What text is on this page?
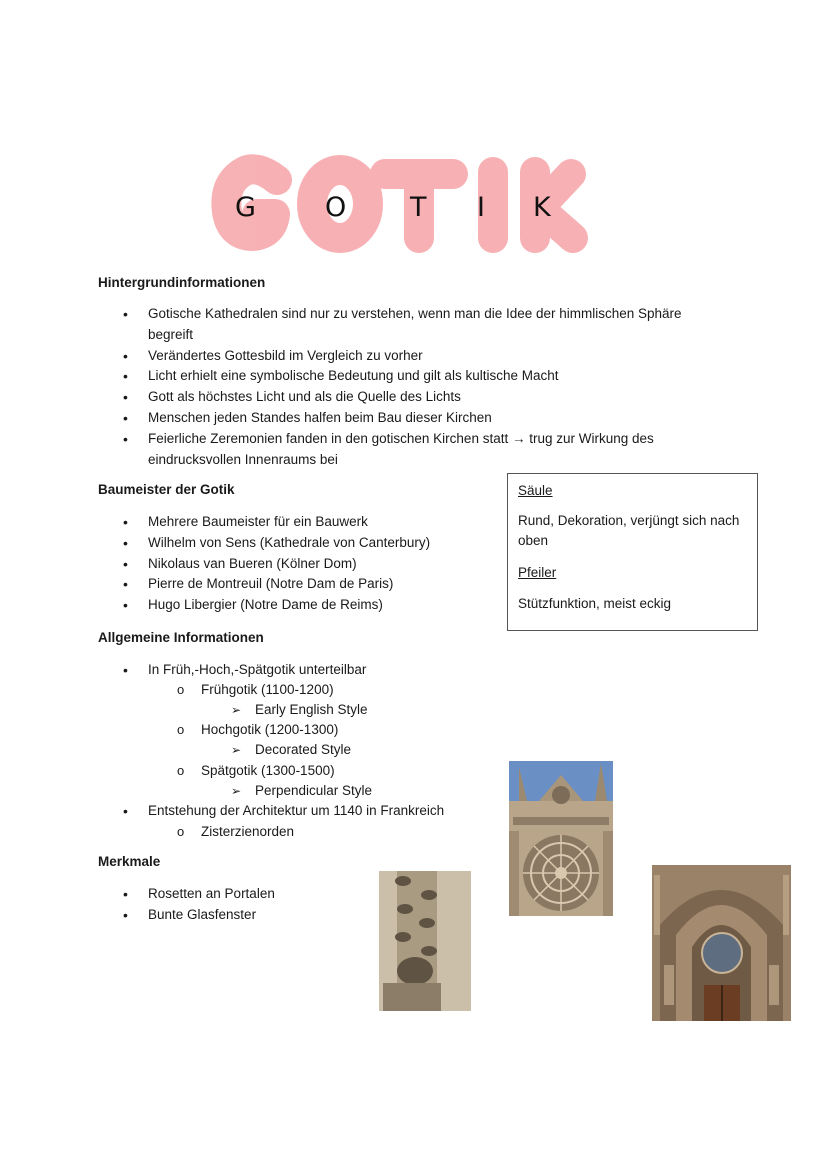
G	O T I K
Hintergrundinformationen
• Gotische Kathedralen sind nur zu verstehen, wenn man die Idee der himmlischen Sphäre
begreift
• Verändertes Gottesbild im Vergleich zu vorher
• Licht erhielt eine symbolische Bedeutung und gilt als kultische Macht
• Gott als höchstes Licht und als die Quelle des Lichts
• Menschen jeden Standes halfen beim Bau dieser Kirchen
• Feierliche Zeremonien fanden in den gotischen Kirchen statt → trug zur Wirkung des
eindrucksvollen Innenraums bei
Baumeister der Gotik
• Mehrere Baumeister für ein Bauwerk
• Wilhelm von Sens (Kathedrale von Canterbury)
• Nikolaus van Bueren (Kölner Dom)
• Pierre de Montreuil (Notre Dam de Paris)
• Hugo Libergier (Notre Dame de Reims)
Säule
Rund, Dekoration, verjüngt sich nach oben
Pfeiler
Stützfunktion, meist eckig
Allgemeine Informationen
• In Früh,-Hoch,-Spätgotik unterteilbar
o Frühgotik (1100-1200)
➢ Early English Style
o Hochgotik (1200-1300)
➢ Decorated Style
o Spätgotik (1300-1500)
➢ Perpendicular Style
• Entstehung der Architektur um 1140 in Frankreich
o Zisterzienorden
Merkmale
• Rosetten an Portalen
• Bunte Glasfenster
